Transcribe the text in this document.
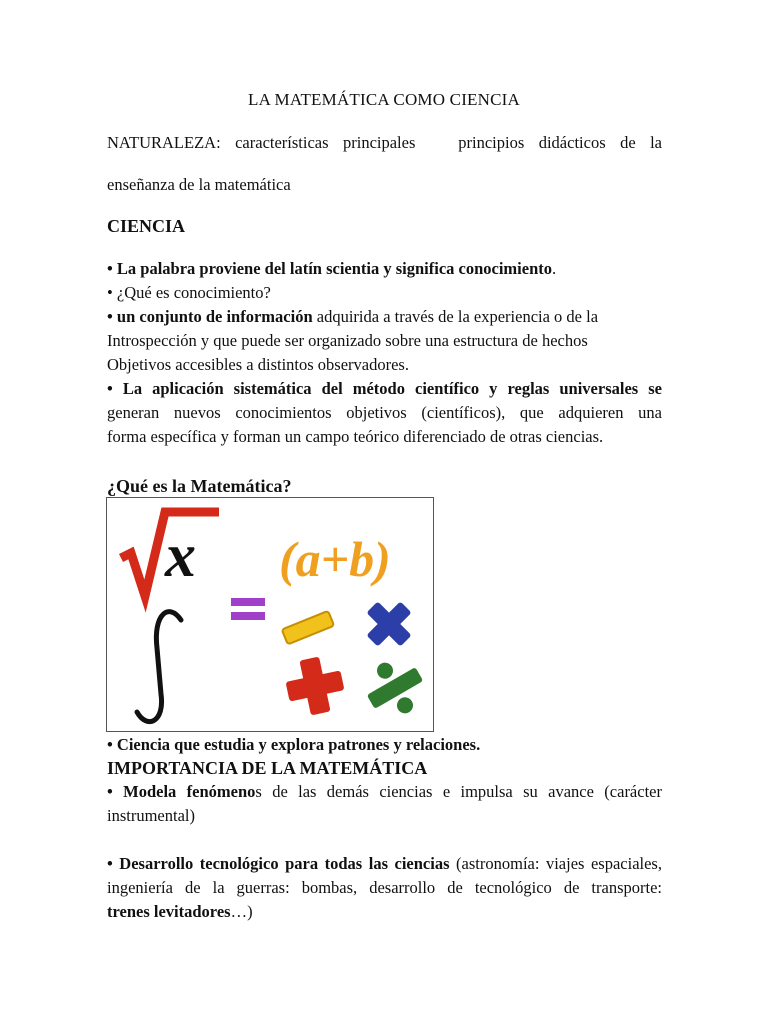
LA MATEMÁTICA COMO CIENCIA
NATURALEZA: características principales	principios didácticos de la
enseñanza de la matemática
CIENCIA
• La palabra proviene del latín scientia y significa conocimiento.
• ¿Qué es conocimiento?
• un conjunto de información adquirida a través de la experiencia o de la
Introspección y que puede ser organizado sobre una estructura de hechos
Objetivos accesibles a distintos observadores.
• La aplicación sistemática del método científico y reglas universales se
generan nuevos conocimientos objetivos (científicos), que adquieren una
forma específica y forman un campo teórico diferenciado de otras ciencias.
¿Qué es la Matemática?
x (a+b)
• Ciencia que estudia y explora patrones y relaciones.
IMPORTANCIA DE LA MATEMÁTICA
• Modela fenómenos de las demás ciencias e impulsa su avance (carácter
instrumental)
• Desarrollo tecnológico para todas las ciencias (astronomía: viajes espaciales,
ingeniería de la guerras: bombas, desarrollo de tecnológico de transporte:
trenes levitadores…)
